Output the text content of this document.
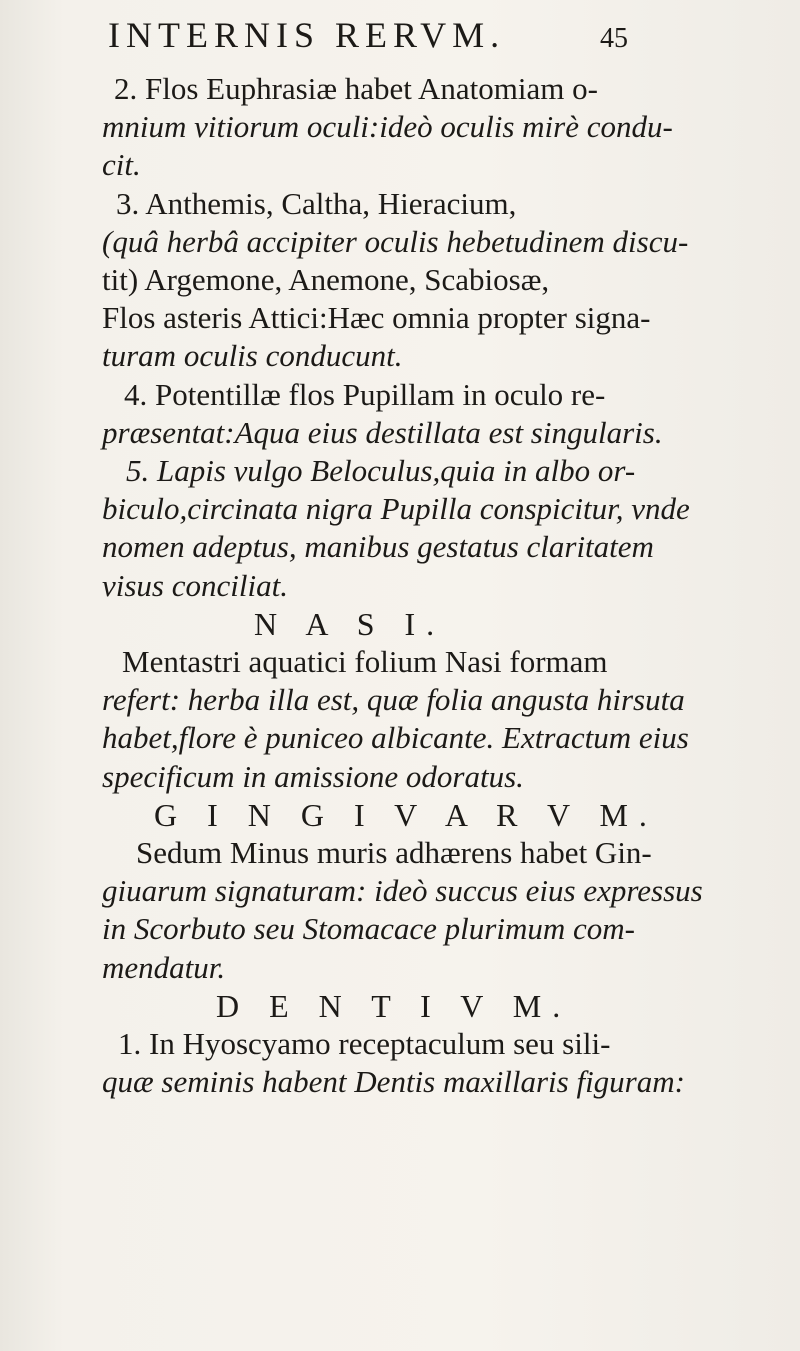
INTERNIS RERVM.	45
2. Flos Euphrasiæ habet Anatomiam o-
mnium vitiorum oculi:ideò oculis mirè condu-
cit.
3. Anthemis, Caltha, Hieracium,
(quâ herbâ accipiter oculis hebetudinem discu-
tit) Argemone, Anemone, Scabiosæ,
Flos asteris Attici:Hæc omnia propter signa-
turam oculis conducunt.
4. Potentillæ flos Pupillam in oculo re-
præsentat:Aqua eius destillata est singularis.
5. Lapis vulgo Beloculus,quia in albo or-
biculo,circinata nigra Pupilla conspicitur, vnde
nomen adeptus, manibus gestatus claritatem
visus conciliat.
N A S I.
Mentastri aquatici folium Nasi formam
refert: herba illa est, quæ folia angusta hirsuta
habet,flore è puniceo albicante. Extractum eius
specificum in amissione odoratus.
G I N G I V A R V M.
Sedum Minus muris adhærens habet Gin-
giuarum signaturam: ideò succus eius expressus
in Scorbuto seu Stomacace plurimum com-
mendatur.
D E N T I V M.
1. In Hyoscyamo receptaculum seu sili-
quæ seminis habent Dentis maxillaris figuram:
